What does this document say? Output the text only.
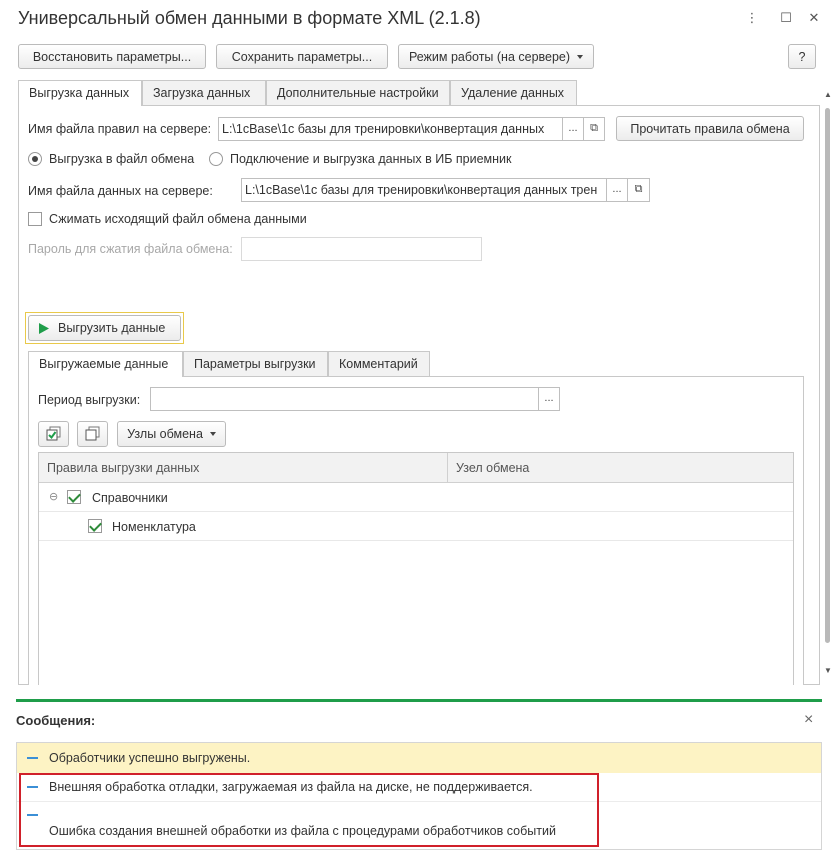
Универсальный обмен данными в формате XML (2.1.8)	⋮ ☐ ✕
Восстановить параметры...	Сохранить параметры...	Режим работы (на сервере)	?
Выгрузка данных	Загрузка данных	Дополнительные настройки	Удаление данных
Имя файла правил на сервере: L:\1cBase\1с базы для тренировки\конвертация данных	...	⧉	Прочитать правила обмена
Выгрузка в файл обмена	Подключение и выгрузка данных в ИБ приемник
Имя файла данных на сервере:	L:\1cBase\1с базы для тренировки\конвертация данных трен	...	⧉
Сжимать исходящий файл обмена данными
Пароль для сжатия файла обмена:
Выгрузить данные
Выгружаемые данные	Параметры выгрузки	Комментарий
Период выгрузки:	...
Узлы обмена
Правила выгрузки данных	Узел обмена
⊖	Справочники
Номенклатура
▲
▼
Сообщения:	×
Обработчики успешно выгружены.
Внешняя обработка отладки, загружаемая из файла на диске, не поддерживается.
Ошибка создания внешней обработки из файла с процедурами обработчиков событий
